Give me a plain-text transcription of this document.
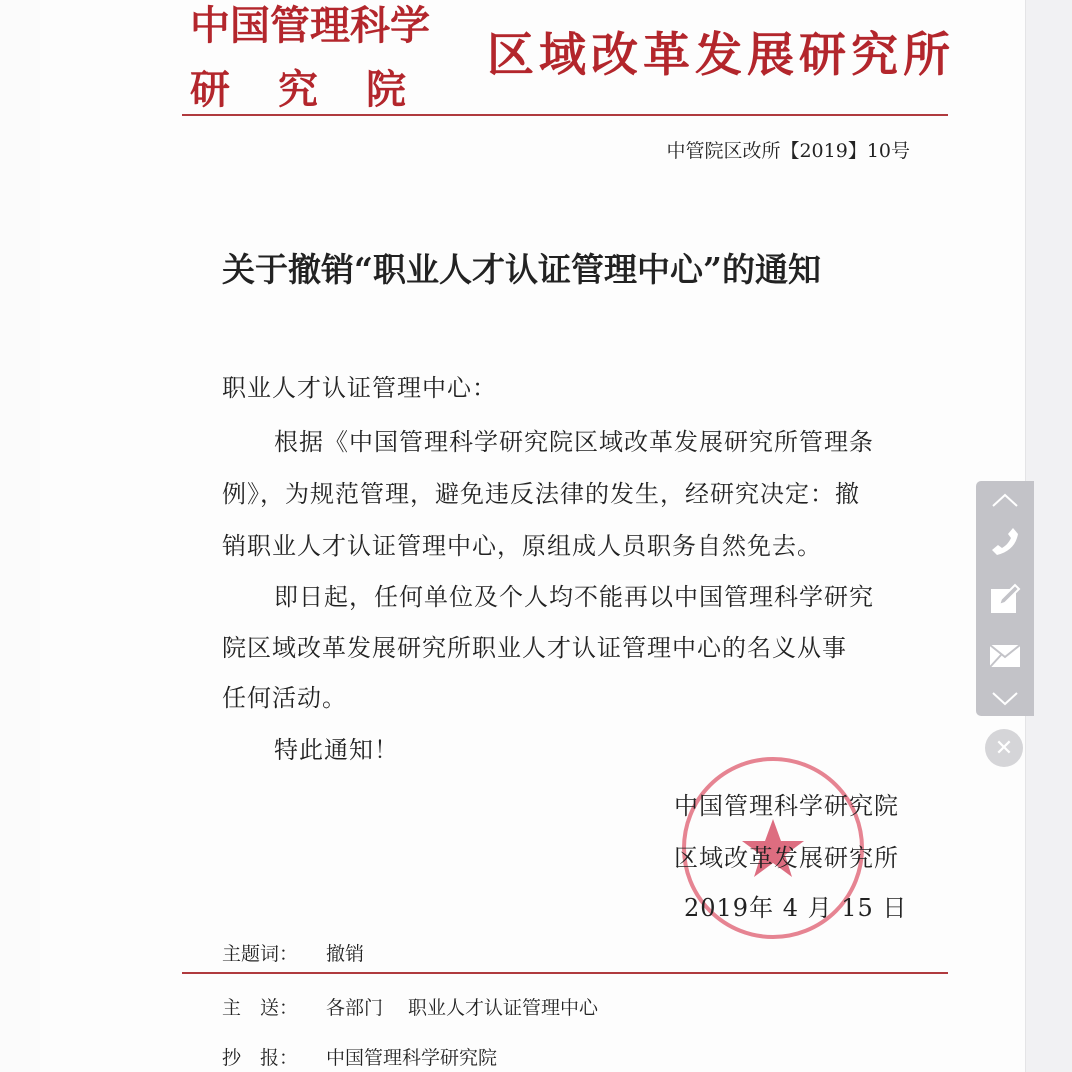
中国管理科学
研　究　院
区域改革发展研究所
中管院区改所【2019】10号
关于撤销“职业人才认证管理中心”的通知
职业人才认证管理中心：
根据《中国管理科学研究院区域改革发展研究所管理条
例》，为规范管理，避免违反法律的发生，经研究决定：撤
销职业人才认证管理中心，原组成人员职务自然免去。
即日起，任何单位及个人均不能再以中国管理科学研究
院区域改革发展研究所职业人才认证管理中心的名义从事
任何活动。
特此通知！
中国管理科学研究院
区域改革发展研究所
2019年 4 月 15 日
主题词： 撤销
主　送： 各部门　 职业人才认证管理中心
抄　报： 中国管理科学研究院
✕
